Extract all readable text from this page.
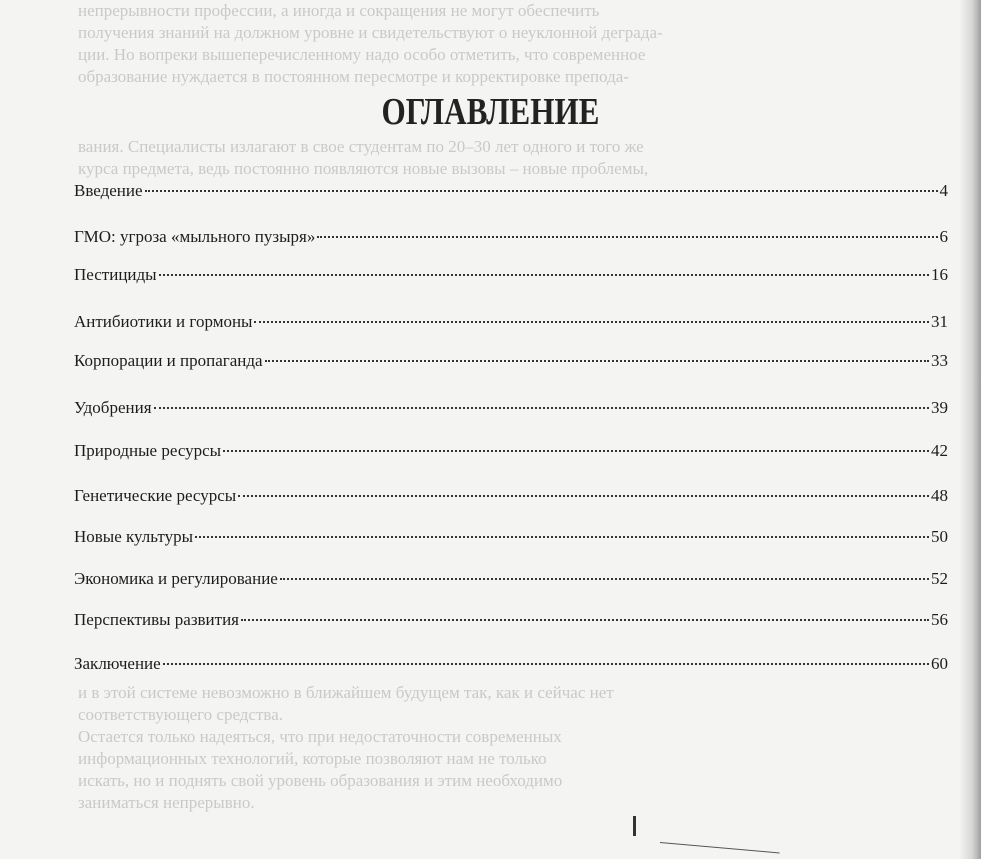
непрерывности профессии, а иногда и сокращения не могут обеспечить
получения знаний на должном уровне и свидетельствуют о неуклонной деграда-
ции. Но вопреки вышеперечисленному надо особо отметить, что современное
образование нуждается в постоянном пересмотре и корректировке препода-
вания. Специалисты излагают в свое студентам по 20–30 лет одного и того же
курса предмета, ведь постоянно появляются новые вызовы – новые проблемы,
и в этой системе невозможно в ближайшем будущем так, как и сейчас нет
соответствующего средства.
Остается только надеяться, что при недостаточности современных
информационных технологий, которые позволяют нам не только
искать, но и поднять свой уровень образования и этим необходимо
заниматься непрерывно.
ОГЛАВЛЕНИЕ
Введение	4
ГМО: угроза «мыльного пузыря»	6
Пестициды	16
Антибиотики и гормоны	31
Корпорации и пропаганда	33
Удобрения	39
Природные ресурсы	42
Генетические ресурсы	48
Новые культуры	50
Экономика и регулирование	52
Перспективы развития	56
Заключение	60
